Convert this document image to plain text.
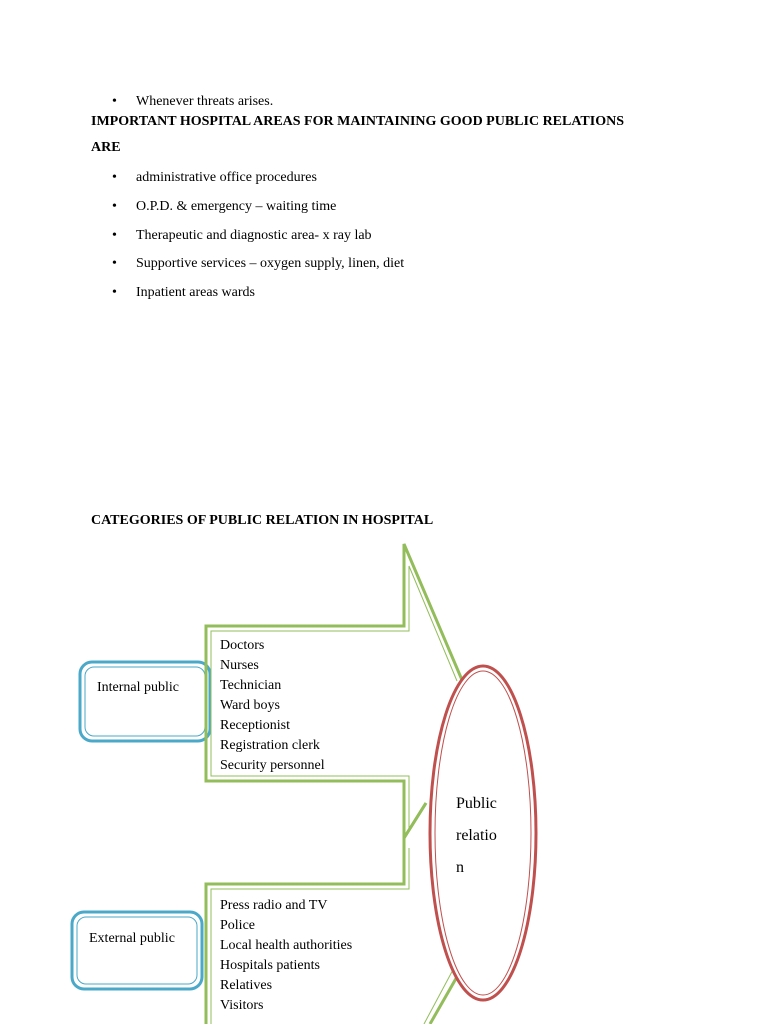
• Whenever threats arises.
IMPORTANT HOSPITAL AREAS FOR MAINTAINING GOOD PUBLIC RELATIONS
ARE
• administrative office procedures
• O.P.D. & emergency – waiting time
• Therapeutic and diagnostic area- x ray lab
• Supportive services – oxygen supply, linen, diet
• Inpatient areas wards
CATEGORIES OF PUBLIC RELATION IN HOSPITAL
Internal public
External public
Doctors
Nurses
Technician
Ward boys
Receptionist
Registration clerk
Security personnel
Press radio and TV
Police
Local health authorities
Hospitals patients
Relatives
Visitors
Public
relatio
n
